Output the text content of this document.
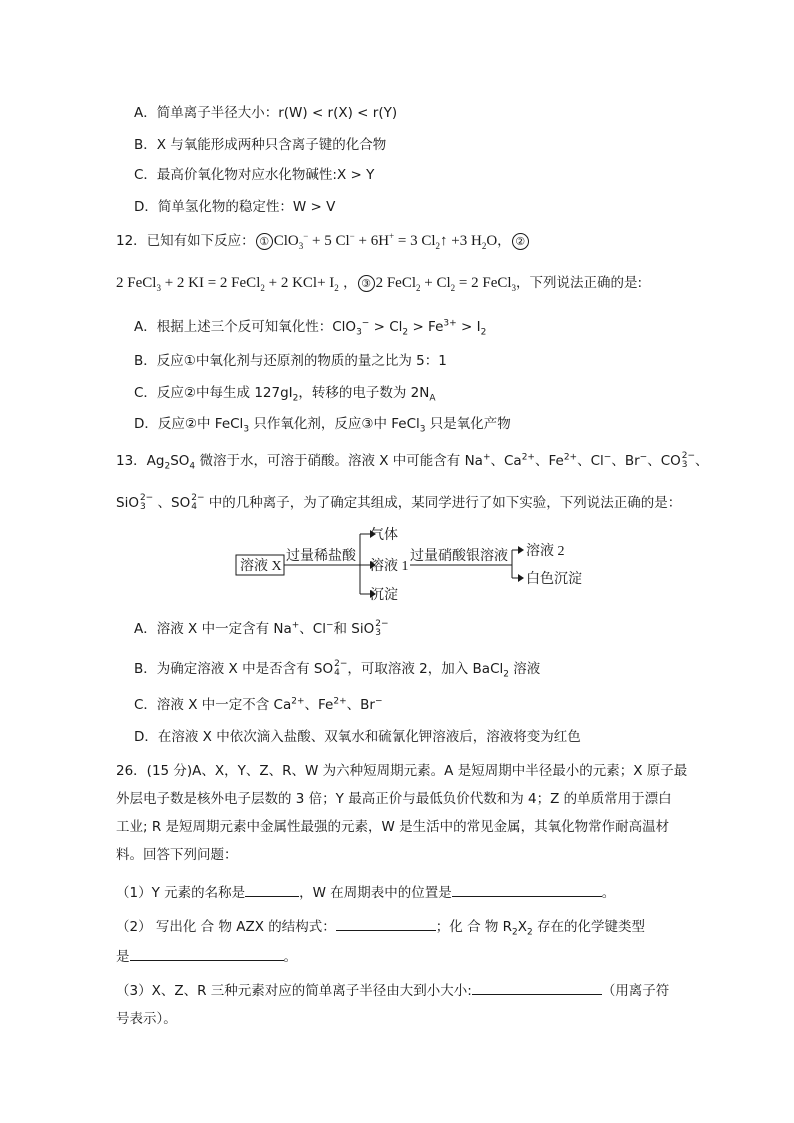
A．简单离子半径大小：r(W) < r(X) < r(Y)
B．X 与氧能形成两种只含离子键的化合物
C．最高价氧化物对应水化物碱性:X > Y
D．简单氢化物的稳定性：W > V
12．已知有如下反应： ① ClO$_3$− + 5 Cl− + 6H+ = 3 $Cl_2↑ +3$ $H_2O$， ②
2 FeCl$_3$ + 2 KI = 2 FeCl$_2$ + 2 $KCl+ I_2$ ， ③ 2 FeCl$_2$ + $Cl_2 = 2$ FeCl$_3$，下列说法正确的是:
A．根据上述三个反可知氧化性：$ClO_3^- > Cl_2 > Fe^{3+} > I_2$
B．反应①中氧化剂与还原剂的物质的量之比为 5：1
C．反应②中每生成 $127gI_2$，转移的电子数为 $2N_A$
D．反应②中 FeCl$_3$ 只作氧化剂，反应③中 FeCl$_3$ 只是氧化产物
13．$Ag_2SO_4$ 微溶于水，可溶于硝酸。溶液 X 中可能含有 Na+、$Ca^{2+}$、$Fe^{2+}$、Cl−、Br−、CO 2−
3 、
SiO 2−
3 、SO 2−
4 中的几种离子，为了确定其组成，某同学进行了如下实验，下列说法正确的是：
溶液 X
过量稀盐酸
气体
溶液 1
沉淀
过量硝酸银溶液 溶液 2
白色沉淀
A．溶液 X 中一定含有 Na+、Cl−和 SiO 2−
3
B．为确定溶液 X 中是否含有 SO 2−
4 ，可取溶液 2，加入 BaCl$_2$ 溶液
C．溶液 X 中一定不含 $Ca^{2+}$、$Fe^{2+}$、Br−
D．在溶液 X 中依次滴入盐酸、双氧水和硫氰化钾溶液后，溶液将变为红色
26．(15 分)A、X，Y、Z、R、W 为六种短周期元素。A 是短周期中半径最小的元素；X 原子最
外层电子数是核外电子层数的 3 倍；Y 最高正价与最低负价代数和为 4；Z 的单质常用于漂白
工业; R 是短周期元素中金属性最强的元素，W 是生活中的常见金属，其氧化物常作耐高温材
料。回答下列问题：
（1）Y 元素的名称是	，W 在周期表中的位置是	。
（2） 写出化 合 物 AZX 的结构式：	；化 合 物 $R_2X_2$ 存在的化学键类型
是	。
（3）X、Z、R 三种元素对应的简单离子半径由大到小大小:	（用离子符
号表示）。
